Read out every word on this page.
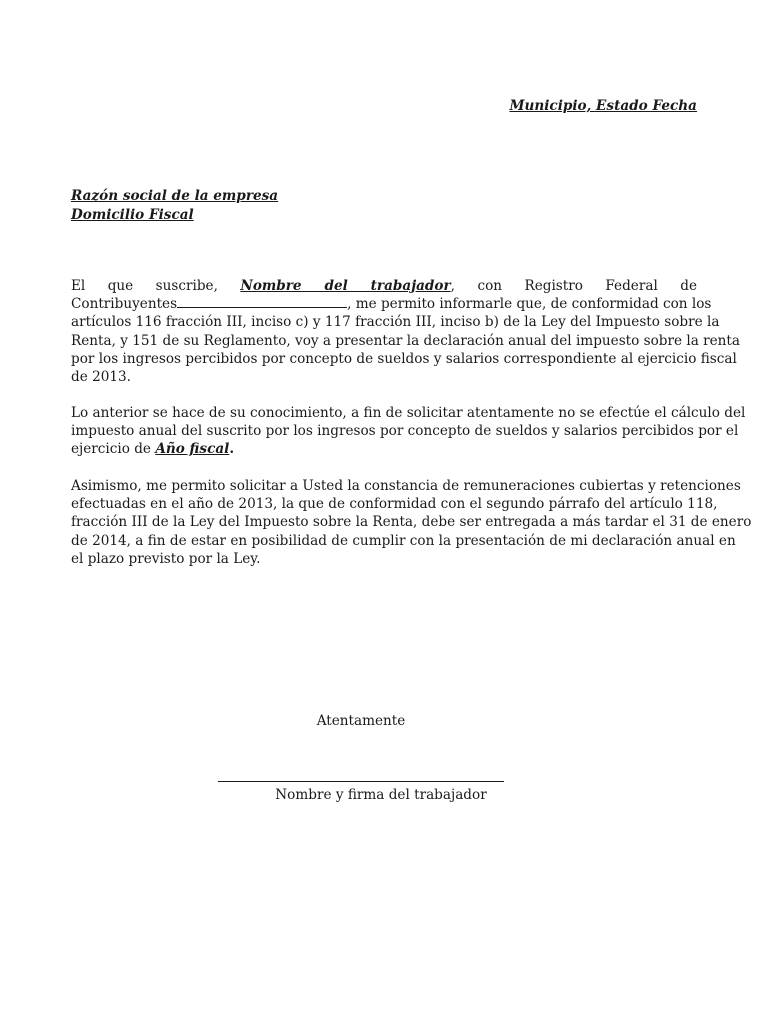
Municipio, Estado Fecha
Razón social de la empresa
Domicilio Fiscal
El que suscribe, Nombre del trabajador, con Registro Federal de
Contribuyentes	, me permito informarle que, de conformidad con los
artículos 116 fracción III, inciso c) y 117 fracción III, inciso b) de la Ley del Impuesto sobre la
Renta, y 151 de su Reglamento, voy a presentar la declaración anual del impuesto sobre la renta
por los ingresos percibidos por concepto de sueldos y salarios correspondiente al ejercicio fiscal
de 2013.
Lo anterior se hace de su conocimiento, a fin de solicitar atentamente no se efectúe el cálculo del
impuesto anual del suscrito por los ingresos por concepto de sueldos y salarios percibidos por el
ejercicio de Año fiscal.
Asimismo, me permito solicitar a Usted la constancia de remuneraciones cubiertas y retenciones
efectuadas en el año de 2013, la que de conformidad con el segundo párrafo del artículo 118,
fracción III de la Ley del Impuesto sobre la Renta, debe ser entregada a más tardar el 31 de enero
de 2014, a fin de estar en posibilidad de cumplir con la presentación de mi declaración anual en
el plazo previsto por la Ley.
Atentamente
Nombre y firma del trabajador
